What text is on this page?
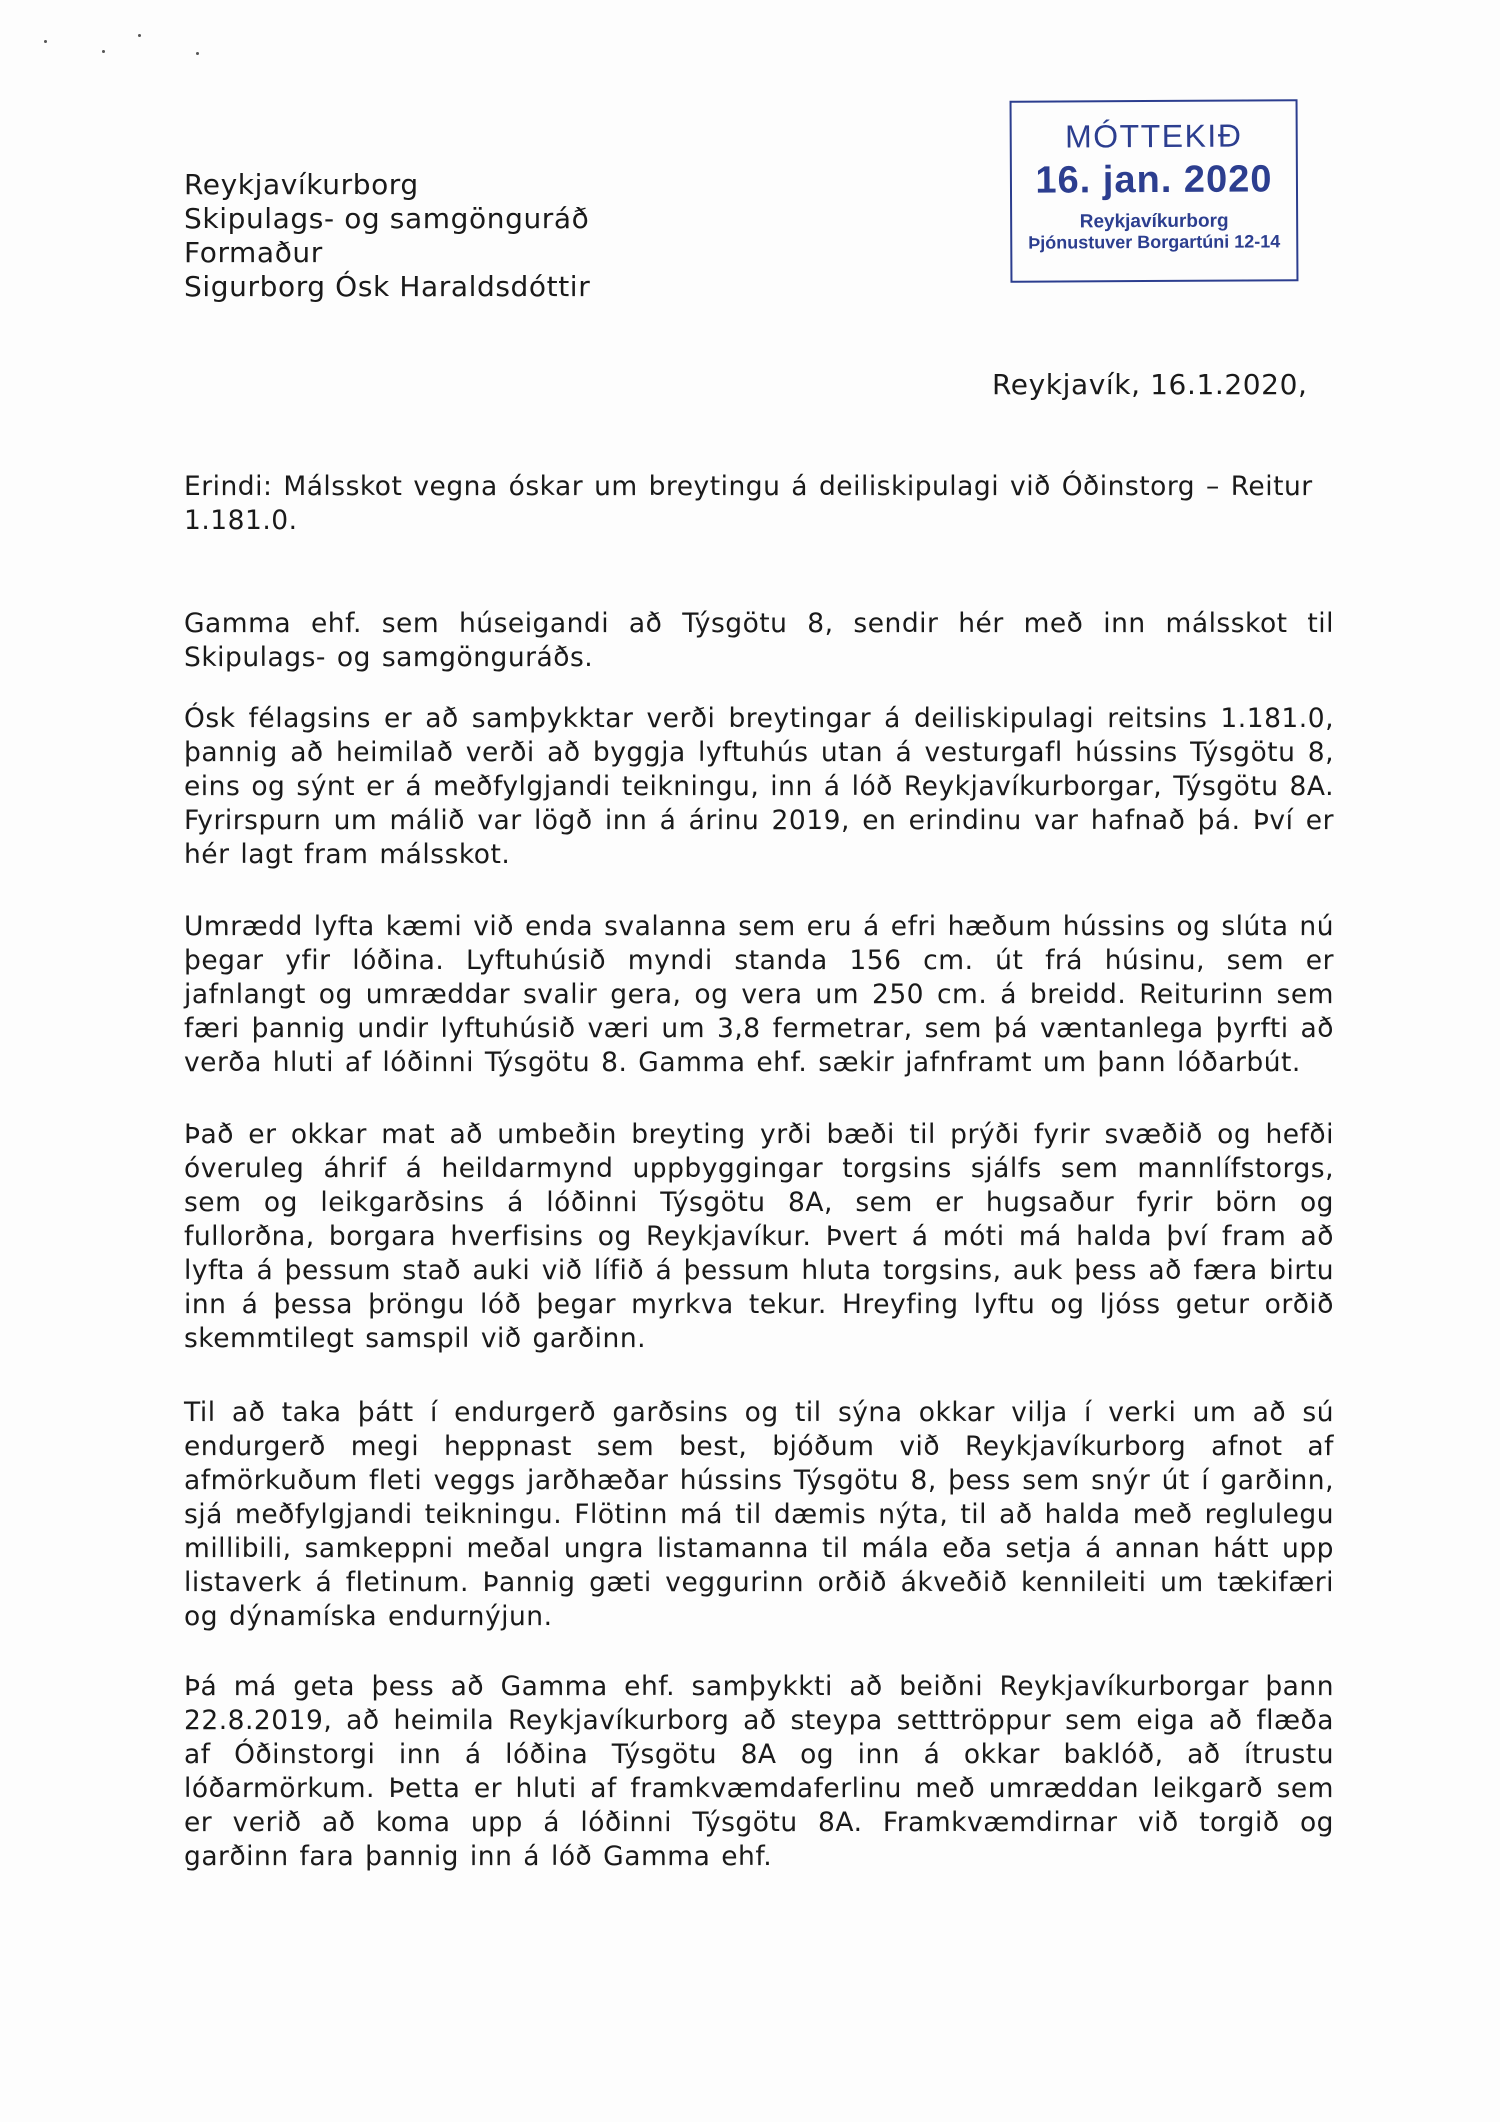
Reykjavíkurborg
Skipulags- og samgönguráð
Formaður
Sigurborg Ósk Haraldsdóttir
MÓTTEKIÐ
16. jan. 2020
Reykjavíkurborg
Þjónustuver Borgartúni 12-14
Reykjavík, 16.1.2020,
Erindi: Málsskot vegna óskar um breytingu á deiliskipulagi við Óðinstorg – Reitur 1.181.0.
Gamma ehf. sem húseigandi að Týsgötu 8, sendir hér með inn málsskot til Skipulags- og samgönguráðs.
Ósk félagsins er að samþykktar verði breytingar á deiliskipulagi reitsins 1.181.0, þannig að heimilað verði að byggja lyftuhús utan á vesturgafl hússins Týsgötu 8, eins og sýnt er á meðfylgjandi teikningu, inn á lóð Reykjavíkurborgar, Týsgötu 8A. Fyrirspurn um málið var lögð inn á árinu 2019, en erindinu var hafnað þá. Því er hér lagt fram málsskot.
Umrædd lyfta kæmi við enda svalanna sem eru á efri hæðum hússins og slúta nú þegar yfir lóðina. Lyftuhúsið myndi standa 156 cm. út frá húsinu, sem er jafnlangt og umræddar svalir gera, og vera um 250 cm. á breidd. Reiturinn sem færi þannig undir lyftuhúsið væri um 3,8 fermetrar, sem þá væntanlega þyrfti að verða hluti af lóðinni Týsgötu 8. Gamma ehf. sækir jafnframt um þann lóðarbút.
Það er okkar mat að umbeðin breyting yrði bæði til prýði fyrir svæðið og hefði óveruleg áhrif á heildarmynd uppbyggingar torgsins sjálfs sem mannlífstorgs, sem og leikgarðsins á lóðinni Týsgötu 8A, sem er hugsaður fyrir börn og fullorðna, borgara hverfisins og Reykjavíkur. Þvert á móti má halda því fram að lyfta á þessum stað auki við lífið á þessum hluta torgsins, auk þess að færa birtu inn á þessa þröngu lóð þegar myrkva tekur. Hreyfing lyftu og ljóss getur orðið skemmtilegt samspil við garðinn.
Til að taka þátt í endurgerð garðsins og til sýna okkar vilja í verki um að sú endurgerð megi heppnast sem best, bjóðum við Reykjavíkurborg afnot af afmörkuðum fleti veggs jarðhæðar hússins Týsgötu 8, þess sem snýr út í garðinn, sjá meðfylgjandi teikningu. Flötinn má til dæmis nýta, til að halda með reglulegu millibili, samkeppni meðal ungra listamanna til mála eða setja á annan hátt upp listaverk á fletinum. Þannig gæti veggurinn orðið ákveðið kennileiti um tækifæri og dýnamíska endurnýjun.
Þá má geta þess að Gamma ehf. samþykkti að beiðni Reykjavíkurborgar þann 22.8.2019, að heimila Reykjavíkurborg að steypa setttröppur sem eiga að flæða af Óðinstorgi inn á lóðina Týsgötu 8A og inn á okkar baklóð, að ítrustu lóðarmörkum. Þetta er hluti af framkvæmdaferlinu með umræddan leikgarð sem er verið að koma upp á lóðinni Týsgötu 8A. Framkvæmdirnar við torgið og garðinn fara þannig inn á lóð Gamma ehf.
